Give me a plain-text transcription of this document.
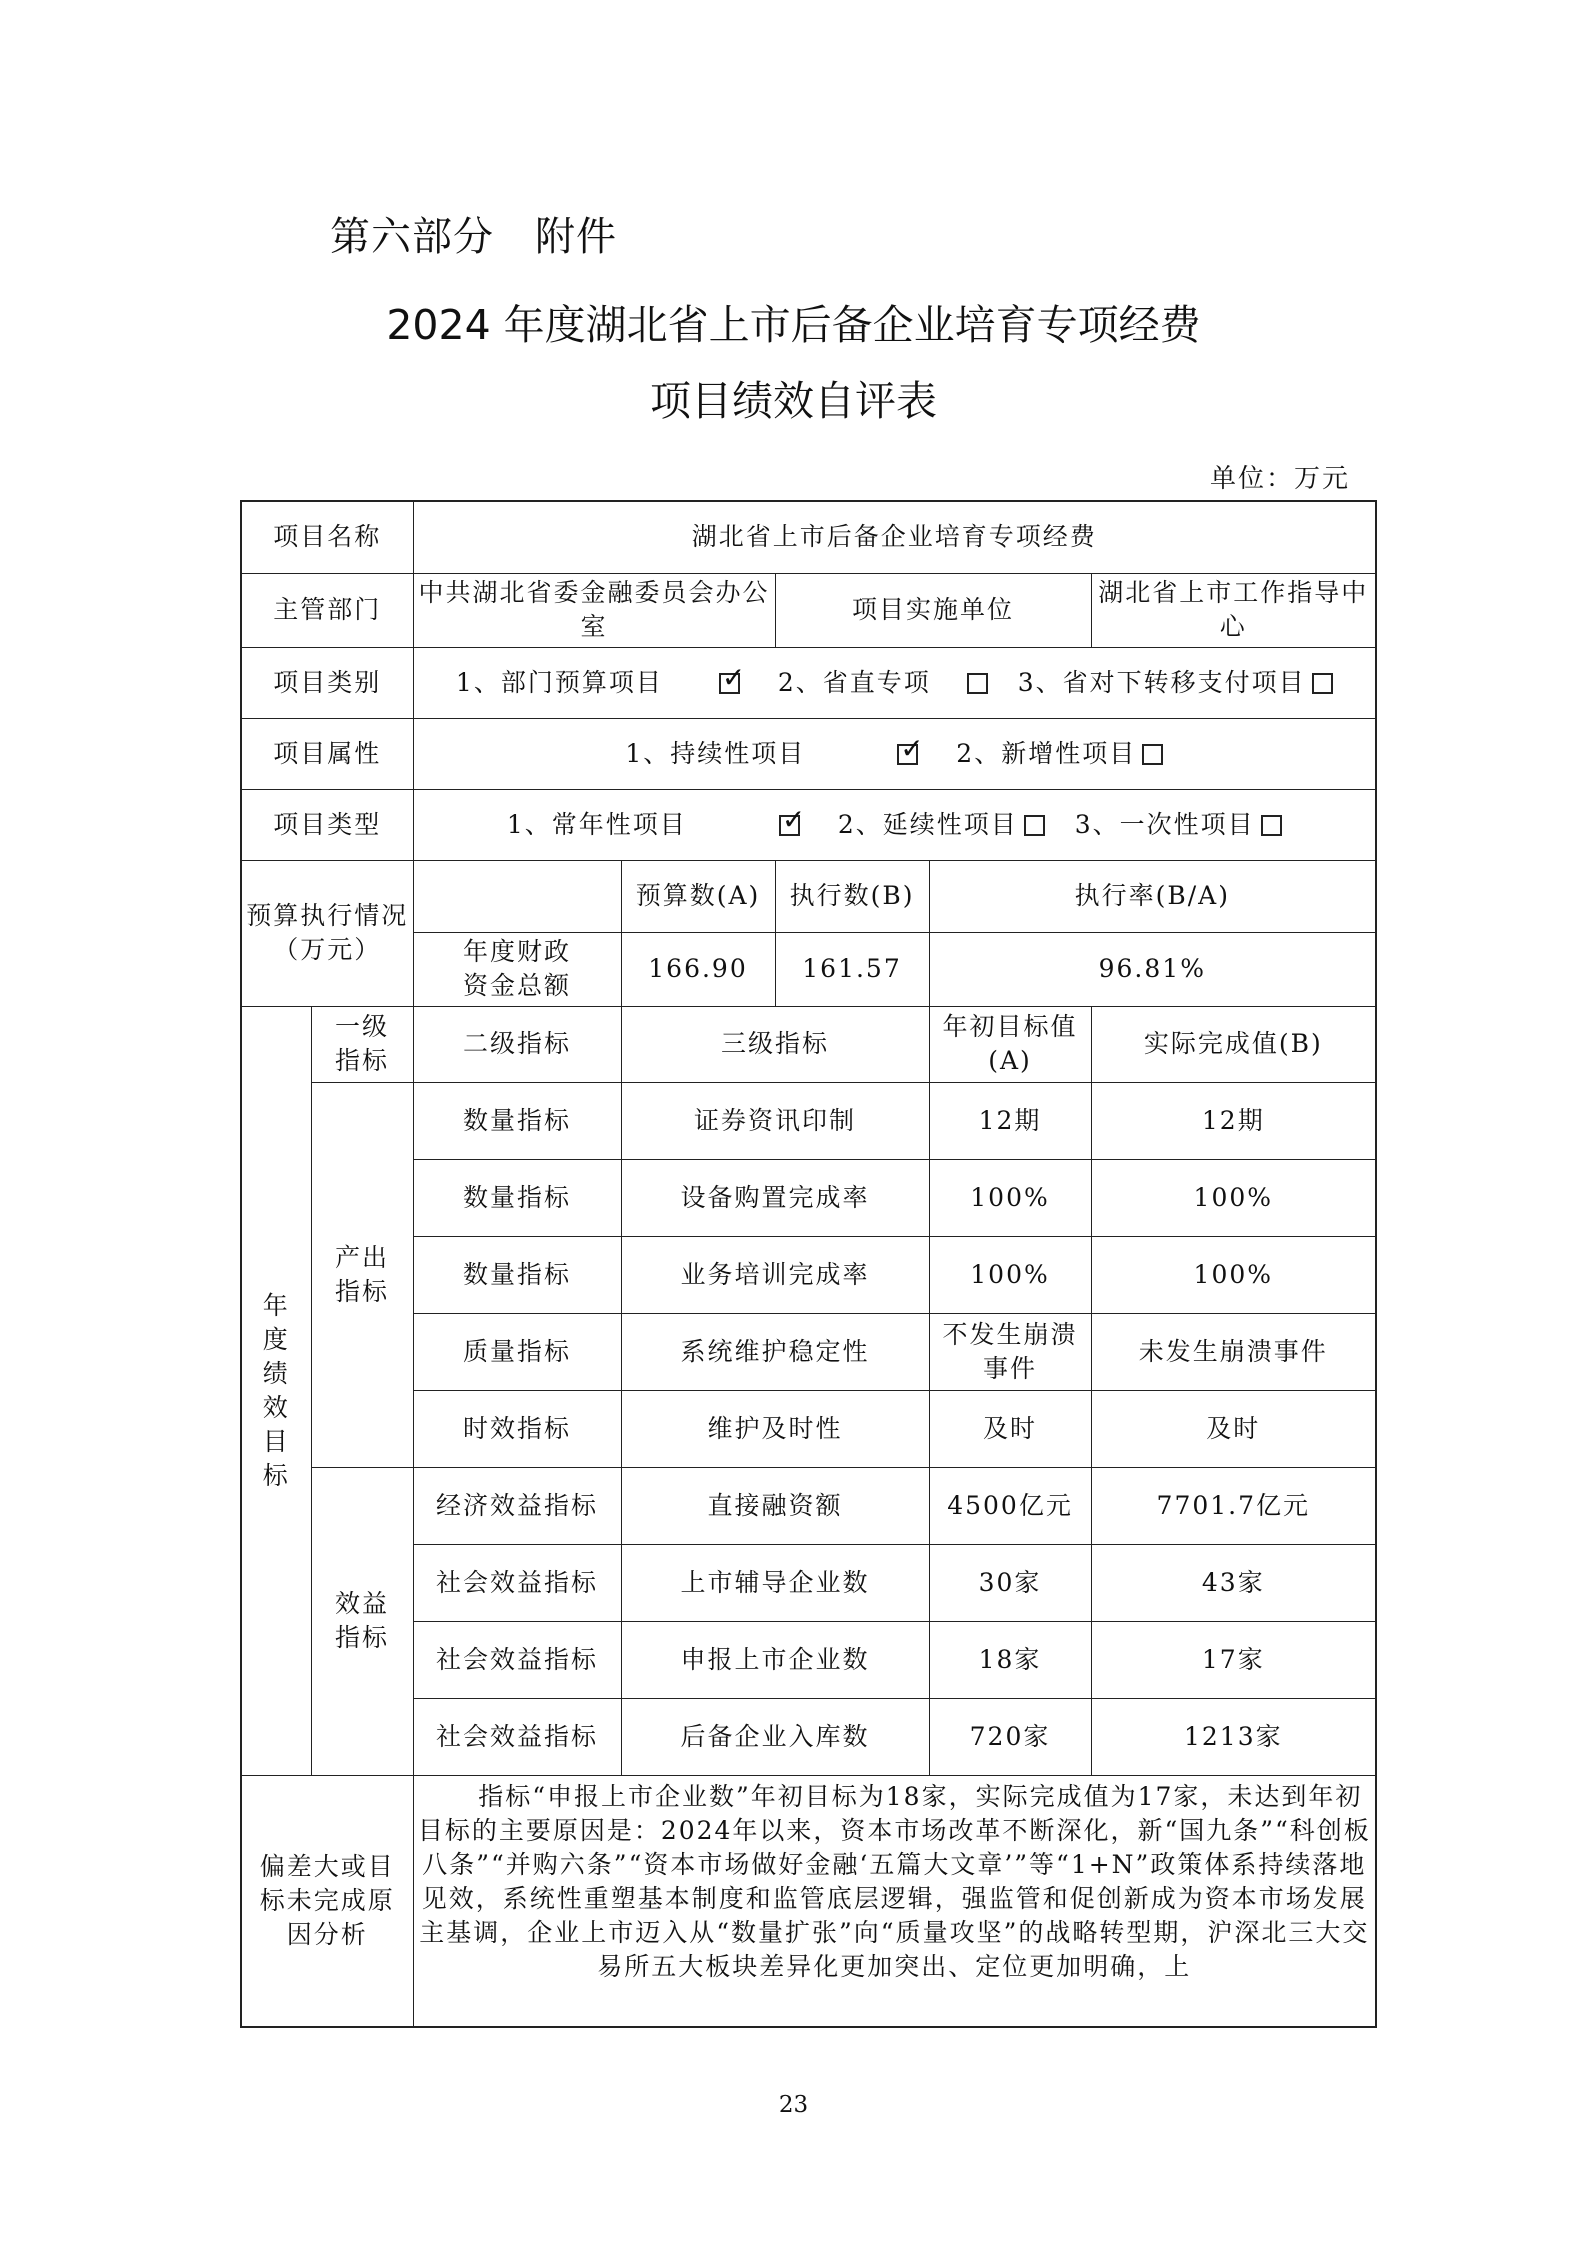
第六部分　附件
2024 年度湖北省上市后备企业培育专项经费
项目绩效自评表
单位：万元
项目名称		湖北省上市后备企业培育专项经费				
主管部门		中共湖北省委金融委员会办公室		项目实施单位		湖北省上市工作指导中心
项目类别		1、部门预算项目 ✓ 2、省直专项 3、省对下转移支付项目
项目属性		1、持续性项目 ✓ 2、新增性项目
项目类型		1、常年性项目 ✓ 2、延续性项目 3、一次性项目
预算执行情况（万元）			预算数(A)	执行数(B)	执行率(B/A)	
		年度财政资金总额	166.90	161.57	96.81%	
年度绩效目标	一级指标	二级指标	三级指标		年初目标值(A)	实际完成值(B)
	产出指标	数量指标	证券资讯印制		12期	12期
		数量指标	设备购置完成率		100%	100%
		数量指标	业务培训完成率		100%	100%
		质量指标	系统维护稳定性		不发生崩溃事件	未发生崩溃事件
		时效指标	维护及时性		及时	及时
	效益指标	经济效益指标	直接融资额		4500亿元	7701.7亿元
		社会效益指标	上市辅导企业数		30家	43家
		社会效益指标	申报上市企业数		18家	17家
		社会效益指标	后备企业入库数		720家	1213家
偏差大或目标未完成原因分析		指标“申报上市企业数”年初目标为18家，实际完成值为17家，未达到年初目标的主要原因是：2024年以来，资本市场改革不断深化，新“国九条”“科创板八条”“并购六条”“资本市场做好金融‘五篇大文章’”等“1+N”政策体系持续落地见效，系统性重塑基本制度和监管底层逻辑，强监管和促创新成为资本市场发展主基调，企业上市迈入从“数量扩张”向“质量攻坚”的战略转型期，沪深北三大交易所五大板块差异化更加突出、定位更加明确，上				
23
